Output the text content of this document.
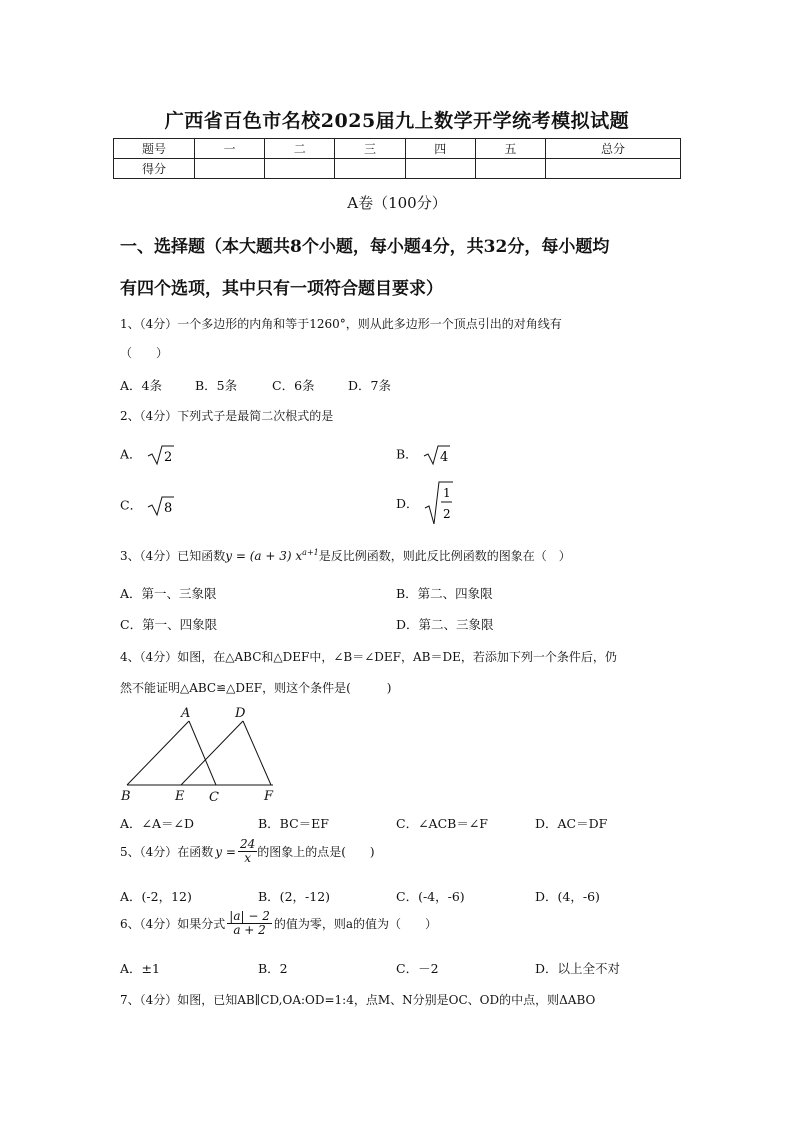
广西省百色市名校2025届九上数学开学统考模拟试题
题号	一	二	三	四	五	总分
得分						
A卷（100分）
一、选择题（本大题共8个小题，每小题4分，共32分，每小题均
有四个选项，其中只有一项符合题目要求）
1、（4分）一个多边形的内角和等于1260°，则从此多边形一个顶点引出的对角线有
（　　）
A．4条	B．5条	C．6条	D．7条
2、（4分）下列式子是最简二次根式的是
A． 2	B． 4
C． 8	D．
1
2
3、（4分）已知函数y = (a + 3) $x^{a+1}$是反比例函数，则此反比例函数的图象在（　）
A．第一、三象限	B．第二、四象限
C．第一、四象限	D．第二、三象限
4、（4分）如图，在△ABC和△DEF中，∠B＝∠DEF，AB＝DE，若添加下列一个条件后，仍
然不能证明△ABC≌△DEF，则这个条件是(　　　)
A	D
B	E C	F
A．∠A＝∠D	B．BC＝EF	C．∠ACB＝∠F	D．AC＝DF
5、（4分）在函数 $y = \frac{24}{x}$ 的图象上的点是(　　)
A．(-2，12)	B．(2，-12)	C．(-4，-6)	D．(4，-6)
6、（4分）如果分式 $\frac{|a| - 2}{a + 2}$ 的值为零，则a的值为（　　）
A．±1	B．2	C．－2	D．以上全不对
7、（4分）如图，已知AB∥CD,OA:OD=1:4，点M、N分别是OC、OD的中点，则ΔABO
